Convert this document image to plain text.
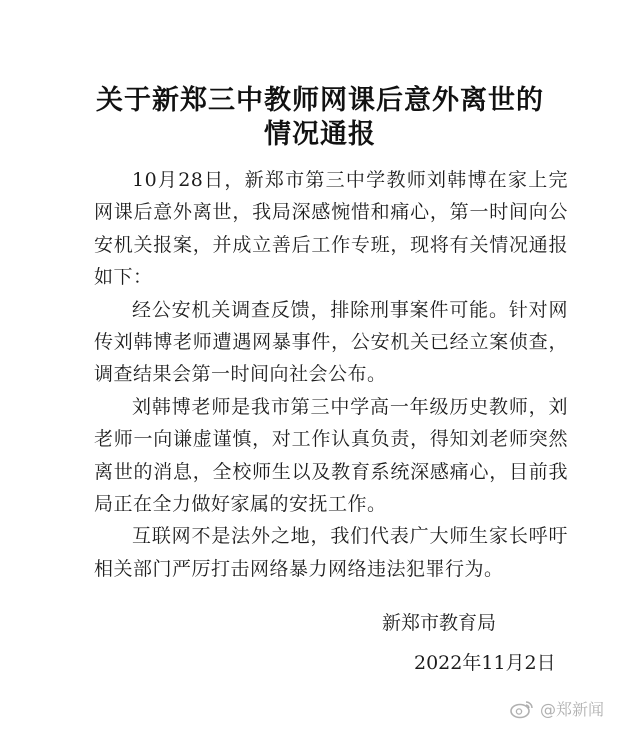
关于新郑三中教师网课后意外离世的
情况通报

10月28日，新郑市第三中学教师刘韩博在家上完网课后意外离世，我局深感惋惜和痛心，第一时间向公安机关报案，并成立善后工作专班，现将有关情况通报如下：

经公安机关调查反馈，排除刑事案件可能。针对网传刘韩博老师遭遇网暴事件，公安机关已经立案侦查，调查结果会第一时间向社会公布。

刘韩博老师是我市第三中学高一年级历史教师，刘老师一向谦虚谨慎，对工作认真负责，得知刘老师突然离世的消息，全校师生以及教育系统深感痛心，目前我局正在全力做好家属的安抚工作。

互联网不是法外之地，我们代表广大师生家长呼吁相关部门严厉打击网络暴力网络违法犯罪行为。

新郑市教育局
2022年11月2日
@郑新闻
